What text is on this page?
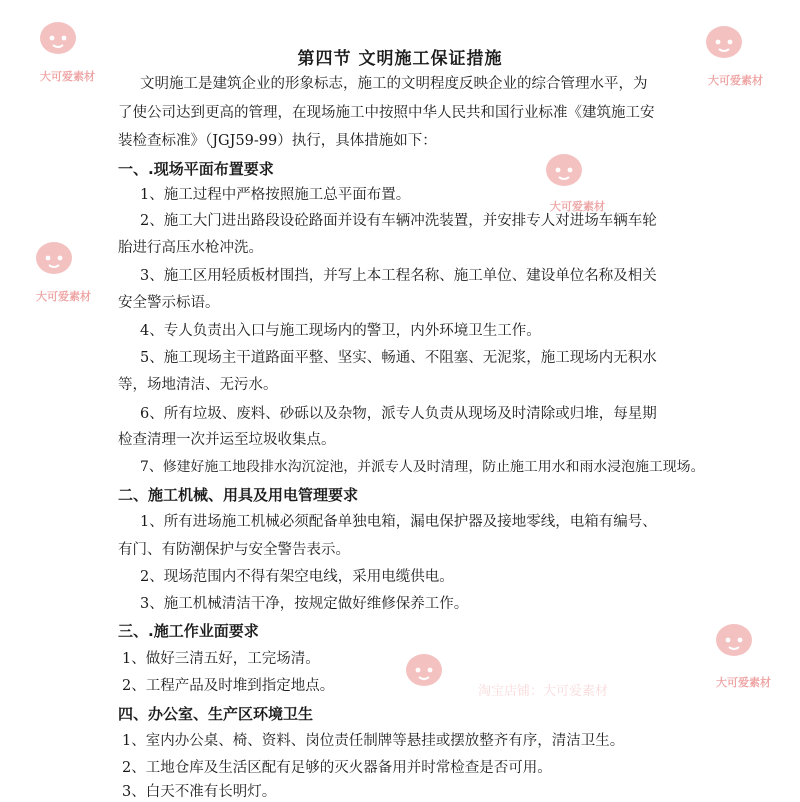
大可爱素材	大可爱素材
大可爱素材
大可爱素材
大可爱素材
淘宝店铺：大可爱素材
第四节 文明施工保证措施
文明施工是建筑企业的形象标志，施工的文明程度反映企业的综合管理水平，为
了使公司达到更高的管理，在现场施工中按照中华人民共和国行业标准《建筑施工安
装检查标准》（JGJ59-99）执行，具体措施如下：
一、.现场平面布置要求
1、施工过程中严格按照施工总平面布置。
2、施工大门进出路段设砼路面并设有车辆冲洗装置，并安排专人对进场车辆车轮
胎进行高压水枪冲洗。
3、施工区用轻质板材围挡，并写上本工程名称、施工单位、建设单位名称及相关
安全警示标语。
4、专人负责出入口与施工现场内的警卫，内外环境卫生工作。
5、施工现场主干道路面平整、坚实、畅通、不阻塞、无泥浆，施工现场内无积水
等，场地清洁、无污水。
6、所有垃圾、废料、砂砾以及杂物，派专人负责从现场及时清除或归堆，每星期
检查清理一次并运至垃圾收集点。
7、修建好施工地段排水沟沉淀池，并派专人及时清理，防止施工用水和雨水浸泡施工现场。
二、施工机械、用具及用电管理要求
1、所有进场施工机械必须配备单独电箱，漏电保护器及接地零线，电箱有编号、
有门、有防潮保护与安全警告表示。
2、现场范围内不得有架空电线，采用电缆供电。
3、施工机械清洁干净，按规定做好维修保养工作。
三、.施工作业面要求
1、做好三清五好，工完场清。
2、工程产品及时堆到指定地点。
四、办公室、生产区环境卫生
1、室内办公桌、椅、资料、岗位责任制牌等悬挂或摆放整齐有序，清洁卫生。
2、工地仓库及生活区配有足够的灭火器备用并时常检查是否可用。
3、白天不准有长明灯。
